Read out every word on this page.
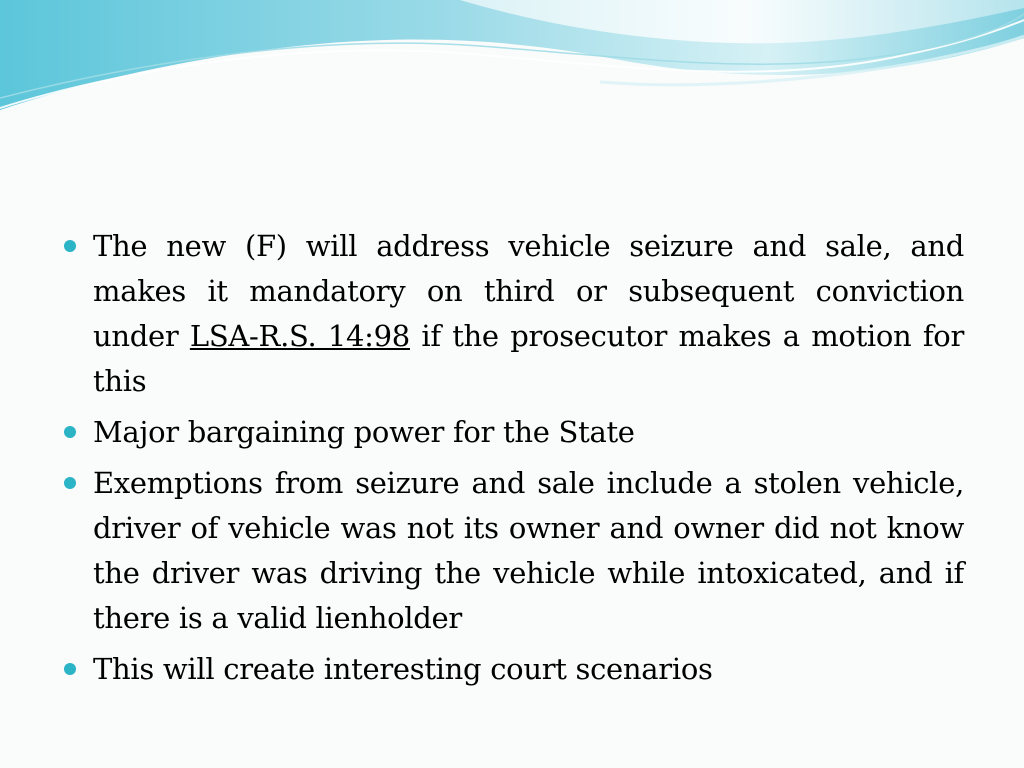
The new (F) will address vehicle seizure and sale, and makes it mandatory on third or subsequent conviction under LSA-R.S. 14:98 if the prosecutor makes a motion for this
Major bargaining power for the State
Exemptions from seizure and sale include a stolen vehicle, driver of vehicle was not its owner and owner did not know the driver was driving the vehicle while intoxicated, and if there is a valid lienholder
This will create interesting court scenarios
